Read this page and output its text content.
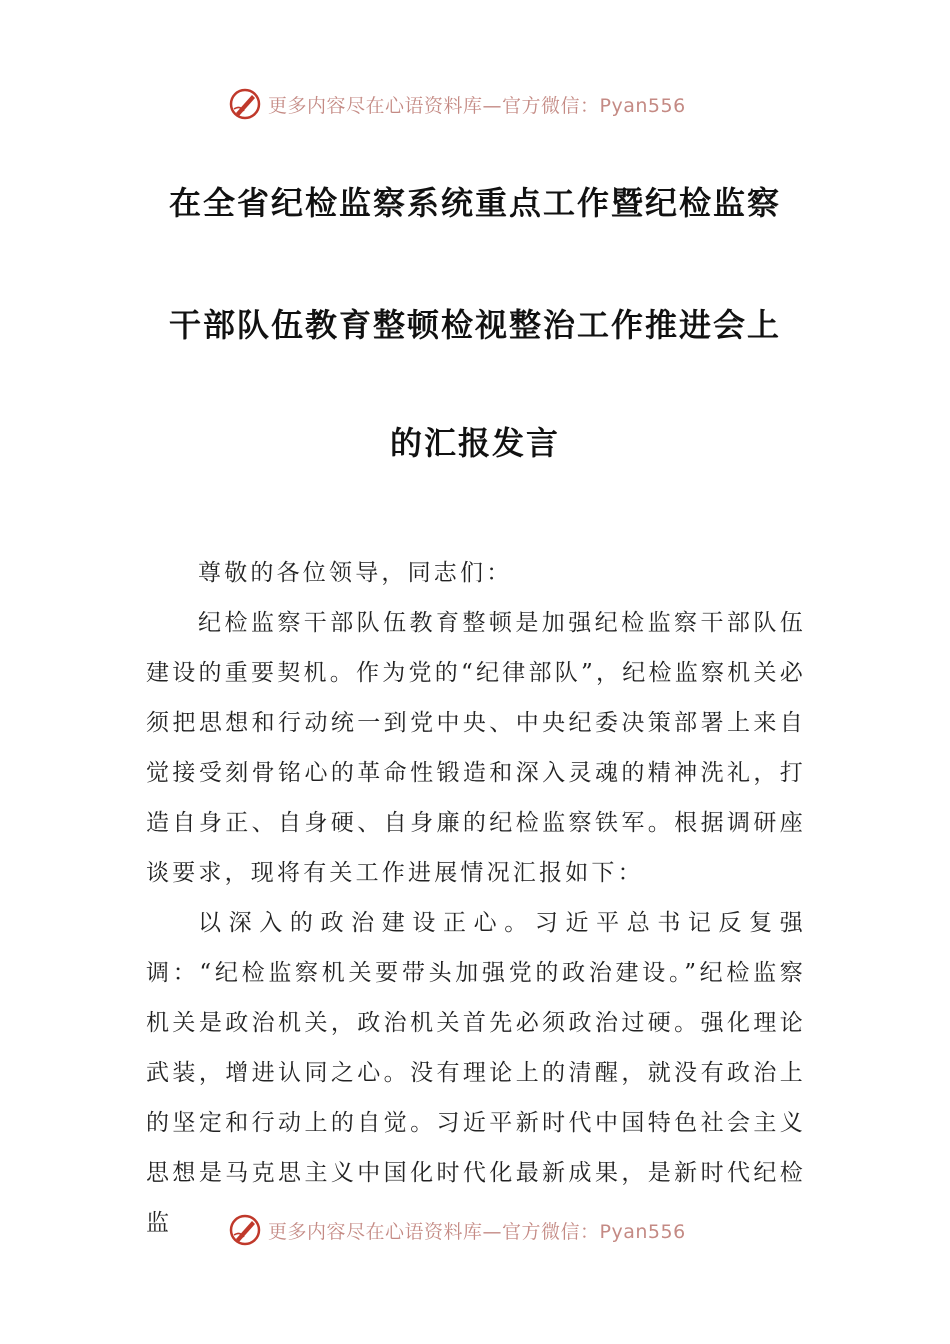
更多内容尽在心语资料库—官方微信：Pyan556
在全省纪检监察系统重点工作暨纪检监察
干部队伍教育整顿检视整治工作推进会上
的汇报发言

尊敬的各位领导，同志们：

纪检监察干部队伍教育整顿是加强纪检监察干部队伍建设的重要契机。作为党的“纪律部队”，纪检监察机关必须把思想和行动统一到党中央、中央纪委决策部署上来自觉接受刻骨铭心的革命性锻造和深入灵魂的精神洗礼，打造自身正、自身硬、自身廉的纪检监察铁军。根据调研座谈要求，现将有关工作进展情况汇报如下：

以深入的政治建设正心。习近平总书记反复强调：“纪检监察机关要带头加强党的政治建设。”纪检监察机关是政治机关，政治机关首先必须政治过硬。强化理论武装，增进认同之心。没有理论上的清醒，就没有政治上的坚定和行动上的自觉。习近平新时代中国特色社会主义思想是马克思主义中国化时代化最新成果，是新时代纪检监	更多内容尽在心语资料库—官方微信：Pyan556
